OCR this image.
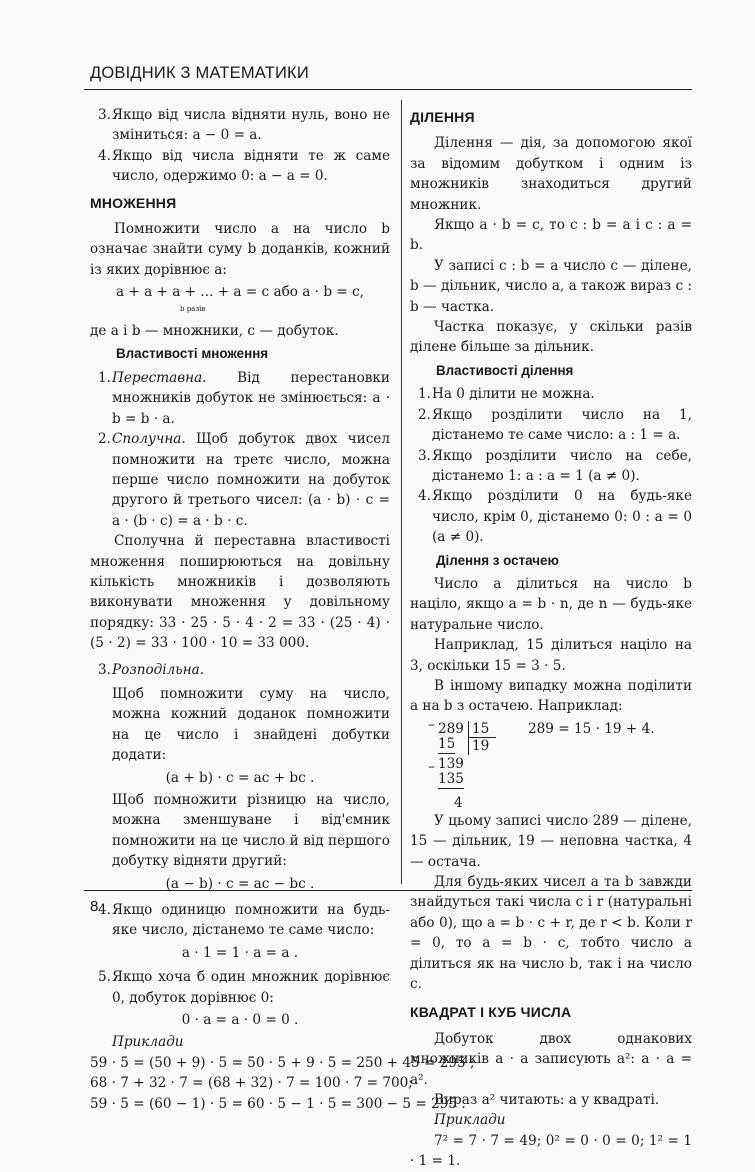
ДОВІДНИК З МАТЕМАТИКИ
3. Якщо від числа відняти нуль, воно не зміниться: a − 0 = a.
4. Якщо від числа відняти те ж саме число, одержимо 0: a − a = 0.
МНОЖЕННЯ

Помножити число a на число b означає знайти суму b доданків, кожний із яких дорівнює a:

a + a + a + ... + a = c або a · b = c,
b разів

де a і b — множники, c — добуток.

Властивості множення
1. Переставна. Від перестановки множників добуток не змінюється: a · b = b · a.
2. Сполучна. Щоб добуток двох чисел помножити на третє число, можна перше число помножити на добуток другого й третього чисел: (a · b) · c = a · (b · c) = a · b · c.

Сполучна й переставна властивості множення поширюються на довільну кількість множників і дозволяють виконувати множення у довільному порядку: 33 · 25 · 5 · 4 · 2 = 33 · (25 · 4) · (5 · 2) = 33 · 100 · 10 = 33 000.

3. Розподільна.

Щоб помножити суму на число, можна кожний доданок помножити на це число і знайдені добутки додати:

(a + b) · c = ac + bc .

Щоб помножити різницю на число, можна зменшуване і від'ємник помножити на це число й від першого добутку відняти другий:

(a − b) · c = ac − bc .
4. Якщо одиницю помножити на будь-яке число, дістанемо те саме число:
a · 1 = 1 · a = a .
5. Якщо хоча б один множник дорівнює 0, добуток дорівнює 0:
0 · a = a · 0 = 0 .
Приклади
59 · 5 = (50 + 9) · 5 = 50 · 5 + 9 · 5 = 250 + 45 = 295 ;
68 · 7 + 32 · 7 = (68 + 32) · 7 = 100 · 7 = 700;
59 · 5 = (60 − 1) · 5 = 60 · 5 − 1 · 5 = 300 − 5 = 295 .
ДІЛЕННЯ

Ділення — дія, за допомогою якої за відомим добутком і одним із множників знаходиться другий множник.

Якщо a · b = c, то c : b = a і c : a = b.

У записі c : b = a число c — ділене, b — дільник, число a, а також вираз c : b — частка.

Частка показує, у скільки разів ділене більше за дільник.

Властивості ділення
1. На 0 ділити не можна.
2. Якщо розділити число на 1, дістанемо те саме число: a : 1 = a.
3. Якщо розділити число на себе, дістанемо 1: a : a = 1 (a ≠ 0).
4. Якщо розділити 0 на будь-яке число, крім 0, дістанемо 0: 0 : a = 0 (a ≠ 0).
Ділення з остачею

Число a ділиться на число b націло, якщо a = b · n, де n — будь-яке натуральне число.

Наприклад, 15 ділиться націло на 3, оскільки 15 = 3 · 5.

В іншому випадку можна поділити a на b з остачею. Наприклад:

– 289 15
15 19
289 = 15 · 19 + 4.
– 139
135
4

У цьому записі число 289 — ділене, 15 — дільник, 19 — неповна частка, 4 — остача.

Для будь-яких чисел a та b завжди знайдуться такі числа c і r (натуральні або 0), що a = b · c + r, де r < b. Коли r = 0, то a = b · c, тобто число a ділиться як на число b, так і на число c.

КВАДРАТ І КУБ ЧИСЛА

Добуток двох однакових множників a · a записують a²: a · a = a².

Вираз a² читають: a у квадраті.

Приклади

7² = 7 · 7 = 49; 0² = 0 · 0 = 0; 1² = 1 · 1 = 1.

8
